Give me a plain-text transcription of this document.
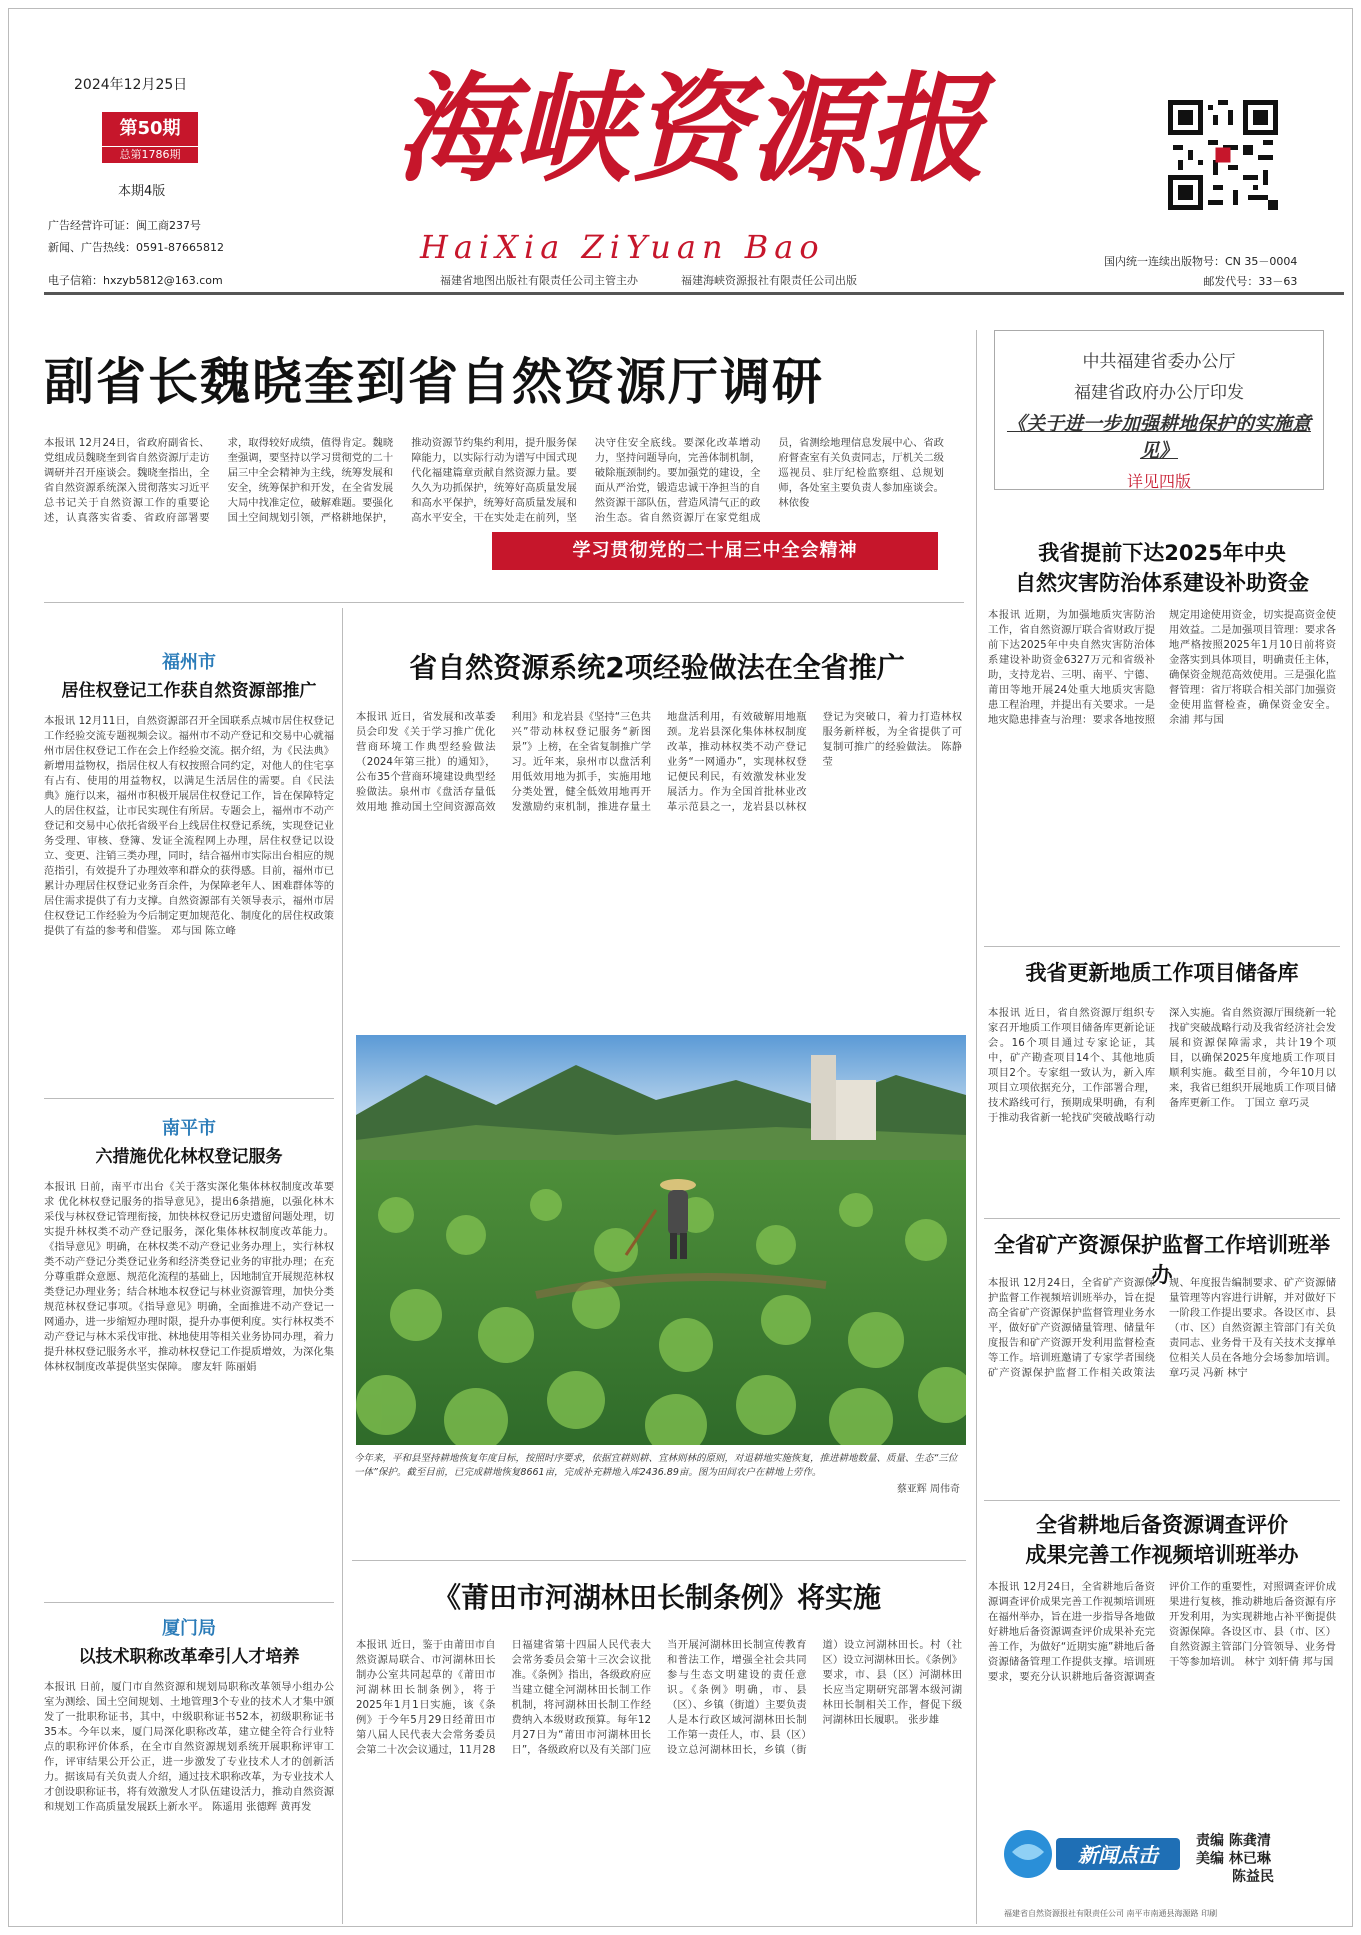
2024年12月25日
第50期
总第1786期
本期4版
广告经营许可证：闽工商237号
新闻、广告热线：0591-87665812
电子信箱：hxzyb5812@163.com
海峡资源报
HaiXia ZiYuan Bao	国内统一连续出版物号：CN 35－0004
邮发代号：33－63
福建省地图出版社有限责任公司主管主办	福建海峡资源报社有限责任公司出版
副省长魏晓奎到省自然资源厅调研
本报讯 12月24日，省政府副省长、党组成员魏晓奎到省自然资源厅走访调研并召开座谈会。魏晓奎指出，全省自然资源系统深入贯彻落实习近平总书记关于自然资源工作的重要论述，认真落实省委、省政府部署要求，取得较好成绩，值得肯定。魏晓奎强调，要坚持以学习贯彻党的二十届三中全会精神为主线，统筹发展和安全，统筹保护和开发，在全省发展大局中找准定位，破解难题。要强化国土空间规划引领，严格耕地保护，推动资源节约集约利用，提升服务保障能力，以实际行动为谱写中国式现代化福建篇章贡献自然资源力量。要久久为功抓保护，统筹好高质量发展和高水平保护，统筹好高质量发展和高水平安全，干在实处走在前列，坚决守住安全底线。要深化改革增动力，坚持问题导向，完善体制机制，破除瓶颈制约。要加强党的建设，全面从严治党，锻造忠诚干净担当的自然资源干部队伍，营造风清气正的政治生态。省自然资源厅在家党组成员，省测绘地理信息发展中心、省政府督查室有关负责同志，厅机关二级巡视员、驻厅纪检监察组、总规划师，各处室主要负责人参加座谈会。 林依俊
学习贯彻党的二十届三中全会精神
中共福建省委办公厅
福建省政府办公厅印发
《关于进一步加强耕地保护的实施意见》
详见四版
福州市
居住权登记工作获自然资源部推广
本报讯 12月11日，自然资源部召开全国联系点城市居住权登记工作经验交流专题视频会议。福州市不动产登记和交易中心就福州市居住权登记工作在会上作经验交流。据介绍，为《民法典》新增用益物权，指居住权人有权按照合同约定，对他人的住宅享有占有、使用的用益物权，以满足生活居住的需要。自《民法典》施行以来，福州市积极开展居住权登记工作，旨在保障特定人的居住权益，让市民实现住有所居。专题会上，福州市不动产登记和交易中心依托省级平台上线居住权登记系统，实现登记业务受理、审核、登簿、发证全流程网上办理，居住权登记以设立、变更、注销三类办理，同时，结合福州市实际出台相应的规范指引，有效提升了办理效率和群众的获得感。目前，福州市已累计办理居住权登记业务百余件，为保障老年人、困难群体等的居住需求提供了有力支撑。自然资源部有关领导表示，福州市居住权登记工作经验为今后制定更加规范化、制度化的居住权政策提供了有益的参考和借鉴。 邓与国 陈立峰
南平市
六措施优化林权登记服务
本报讯 日前，南平市出台《关于落实深化集体林权制度改革要求 优化林权登记服务的指导意见》，提出6条措施，以强化林木采伐与林权登记管理衔接，加快林权登记历史遗留问题处理，切实提升林权类不动产登记服务，深化集体林权制度改革能力。《指导意见》明确，在林权类不动产登记业务办理上，实行林权类不动产登记分类登记业务和经济类登记业务的审批办理；在充分尊重群众意愿、规范化流程的基础上，因地制宜开展规范林权类登记办理业务；结合林地本权登记与林业资源管理，加快分类规范林权登记事项。《指导意见》明确，全面推进不动产登记一网通办，进一步缩短办理时限，提升办事便利度。实行林权类不动产登记与林木采伐审批、林地使用等相关业务协同办理，着力提升林权登记服务水平，推动林权登记工作提质增效，为深化集体林权制度改革提供坚实保障。 廖友轩 陈丽娟
厦门局
以技术职称改革牵引人才培养
本报讯 日前，厦门市自然资源和规划局职称改革领导小组办公室为测绘、国土空间规划、土地管理3个专业的技术人才集中颁发了一批职称证书，其中，中级职称证书52本，初级职称证书35本。今年以来，厦门局深化职称改革，建立健全符合行业特点的职称评价体系，在全市自然资源规划系统开展职称评审工作，评审结果公开公正，进一步激发了专业技术人才的创新活力。据该局有关负责人介绍，通过技术职称改革，为专业技术人才创设职称证书，将有效激发人才队伍建设活力，推动自然资源和规划工作高质量发展跃上新水平。 陈遥用 张德辉 黄再发
省自然资源系统2项经验做法在全省推广
本报讯 近日，省发展和改革委员会印发《关于学习推广优化营商环境工作典型经验做法（2024年第三批）的通知》，公布35个营商环境建设典型经验做法。泉州市《盘活存量低效用地 推动国土空间资源高效利用》和龙岩县《坚持“三色共兴”带动林权登记服务“新图景”》上榜，在全省复制推广学习。近年来，泉州市以盘活利用低效用地为抓手，实施用地分类处置，健全低效用地再开发激励约束机制，推进存量土地盘活利用，有效破解用地瓶颈。龙岩县深化集体林权制度改革，推动林权类不动产登记业务“一网通办”，实现林权登记便民利民，有效激发林业发展活力。作为全国首批林业改革示范县之一，龙岩县以林权登记为突破口，着力打造林权服务新样板，为全省提供了可复制可推广的经验做法。 陈静莹
今年来，平和县坚持耕地恢复年度目标，按照时序要求，依据宜耕则耕、宜林则林的原则，对退耕地实施恢复，推进耕地数量、质量、生态“三位一体”保护。截至目前，已完成耕地恢复8661亩，完成补充耕地入库2436.89亩。图为田间农户在耕地上劳作。
蔡亚辉 周伟奇
《莆田市河湖林田长制条例》将实施
本报讯 近日，鉴于由莆田市自然资源局联合、市河湖林田长制办公室共同起草的《莆田市河湖林田长制条例》，将于2025年1月1日实施，该《条例》于今年5月29日经莆田市第八届人民代表大会常务委员会第二十次会议通过，11月28日福建省第十四届人民代表大会常务委员会第十三次会议批准。《条例》指出，各级政府应当建立健全河湖林田长制工作机制，将河湖林田长制工作经费纳入本级财政预算。每年12月27日为“莆田市河湖林田长日”，各级政府以及有关部门应当开展河湖林田长制宣传教育和普法工作，增强全社会共同参与生态文明建设的责任意识。《条例》明确，市、县（区）、乡镇（街道）主要负责人是本行政区域河湖林田长制工作第一责任人，市、县（区）设立总河湖林田长，乡镇（街道）设立河湖林田长。村（社区）设立河湖林田长。《条例》要求，市、县（区）河湖林田长应当定期研究部署本级河湖林田长制相关工作，督促下级河湖林田长履职。 张步雄
我省提前下达2025年中央
自然灾害防治体系建设补助资金
本报讯 近期，为加强地质灾害防治工作，省自然资源厅联合省财政厅提前下达2025年中央自然灾害防治体系建设补助资金6327万元和省级补助，支持龙岩、三明、南平、宁德、莆田等地开展24处重大地质灾害隐患工程治理，并提出有关要求。一是地灾隐患排查与治理：要求各地按照规定用途使用资金，切实提高资金使用效益。二是加强项目管理：要求各地严格按照2025年1月10日前将资金落实到具体项目，明确责任主体，确保资金规范高效使用。三是强化监督管理：省厅将联合相关部门加强资金使用监督检查，确保资金安全。 余浦 邦与国
我省更新地质工作项目储备库
本报讯 近日，省自然资源厅组织专家召开地质工作项目储备库更新论证会。16个项目通过专家论证，其中，矿产勘查项目14个、其他地质项目2个。专家组一致认为，新入库项目立项依据充分，工作部署合理，技术路线可行，预期成果明确，有利于推动我省新一轮找矿突破战略行动深入实施。省自然资源厅围绕新一轮找矿突破战略行动及我省经济社会发展和资源保障需求，共计19个项目，以确保2025年度地质工作项目顺利实施。截至目前，今年10月以来，我省已组织开展地质工作项目储备库更新工作。 丁国立 章巧灵
全省矿产资源保护监督工作培训班举办
本报讯 12月24日，全省矿产资源保护监督工作视频培训班举办，旨在提高全省矿产资源保护监督管理业务水平，做好矿产资源储量管理、储量年度报告和矿产资源开发利用监督检查等工作。培训班邀请了专家学者围绕矿产资源保护监督工作相关政策法规、年度报告编制要求、矿产资源储量管理等内容进行讲解，并对做好下一阶段工作提出要求。各设区市、县（市、区）自然资源主管部门有关负责同志、业务骨干及有关技术支撑单位相关人员在各地分会场参加培训。 章巧灵 冯新 林宁
全省耕地后备资源调查评价
成果完善工作视频培训班举办
本报讯 12月24日，全省耕地后备资源调查评价成果完善工作视频培训班在福州举办，旨在进一步指导各地做好耕地后备资源调查评价成果补充完善工作，为做好“近期实施”耕地后备资源储备管理工作提供支撑。培训班要求，要充分认识耕地后备资源调查评价工作的重要性，对照调查评价成果进行复核，推动耕地后备资源有序开发利用，为实现耕地占补平衡提供资源保障。各设区市、县（市、区）自然资源主管部门分管领导、业务骨干等参加培训。 林宁 刘轩倩 邦与国
新闻点击
责编 陈龚清
美编 林已琳
陈益民
福建省自然资源报社有限责任公司 南平市南通县海源路 印刷
